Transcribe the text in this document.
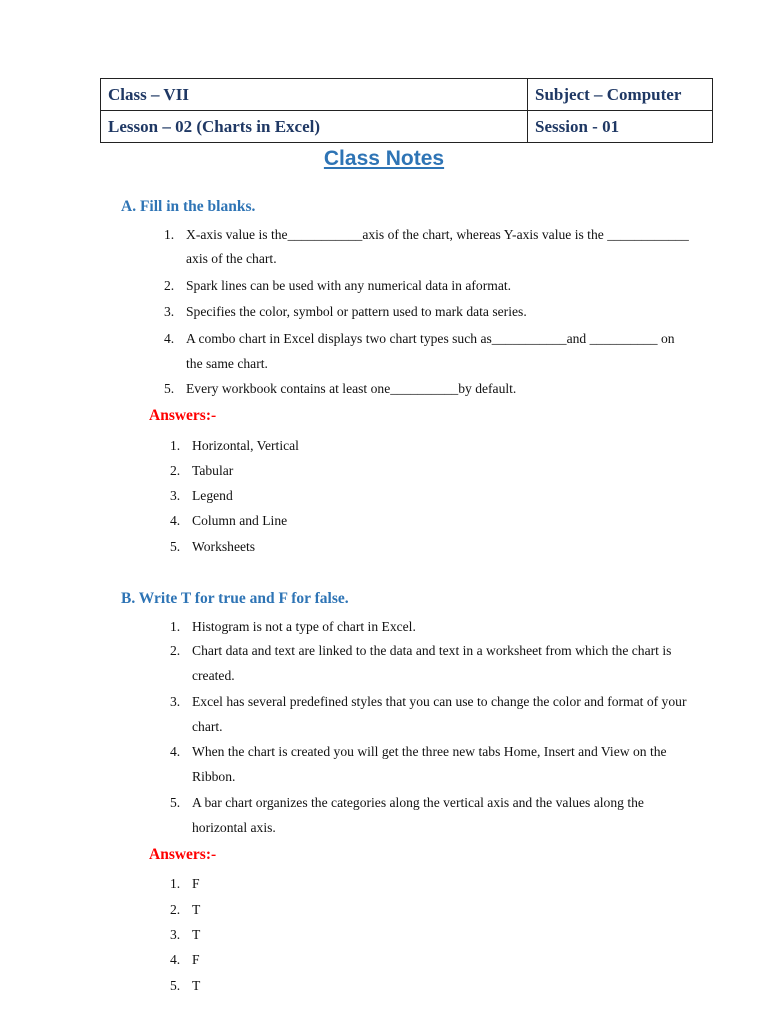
Class – VII	Subject – Computer
Lesson – 02 (Charts in Excel)	Session - 01
Class Notes
A. Fill in the blanks.
1. X-axis value is the___________axis of the chart, whereas Y-axis value is the ____________
axis of the chart.
2. Spark lines can be used with any numerical data in aformat.
3. Specifies the color, symbol or pattern used to mark data series.
4. A combo chart in Excel displays two chart types such as___________and __________ on
the same chart.
5. Every workbook contains at least one__________by default.
Answers:-
1. Horizontal, Vertical
2. Tabular
3. Legend
4. Column and Line
5. Worksheets
B. Write T for true and F for false.
1. Histogram is not a type of chart in Excel.
2. Chart data and text are linked to the data and text in a worksheet from which the chart is
created.
3. Excel has several predefined styles that you can use to change the color and format of your
chart.
4. When the chart is created you will get the three new tabs Home, Insert and View on the
Ribbon.
5. A bar chart organizes the categories along the vertical axis and the values along the
horizontal axis.
Answers:-
1. F
2. T
3. T
4. F
5. T
